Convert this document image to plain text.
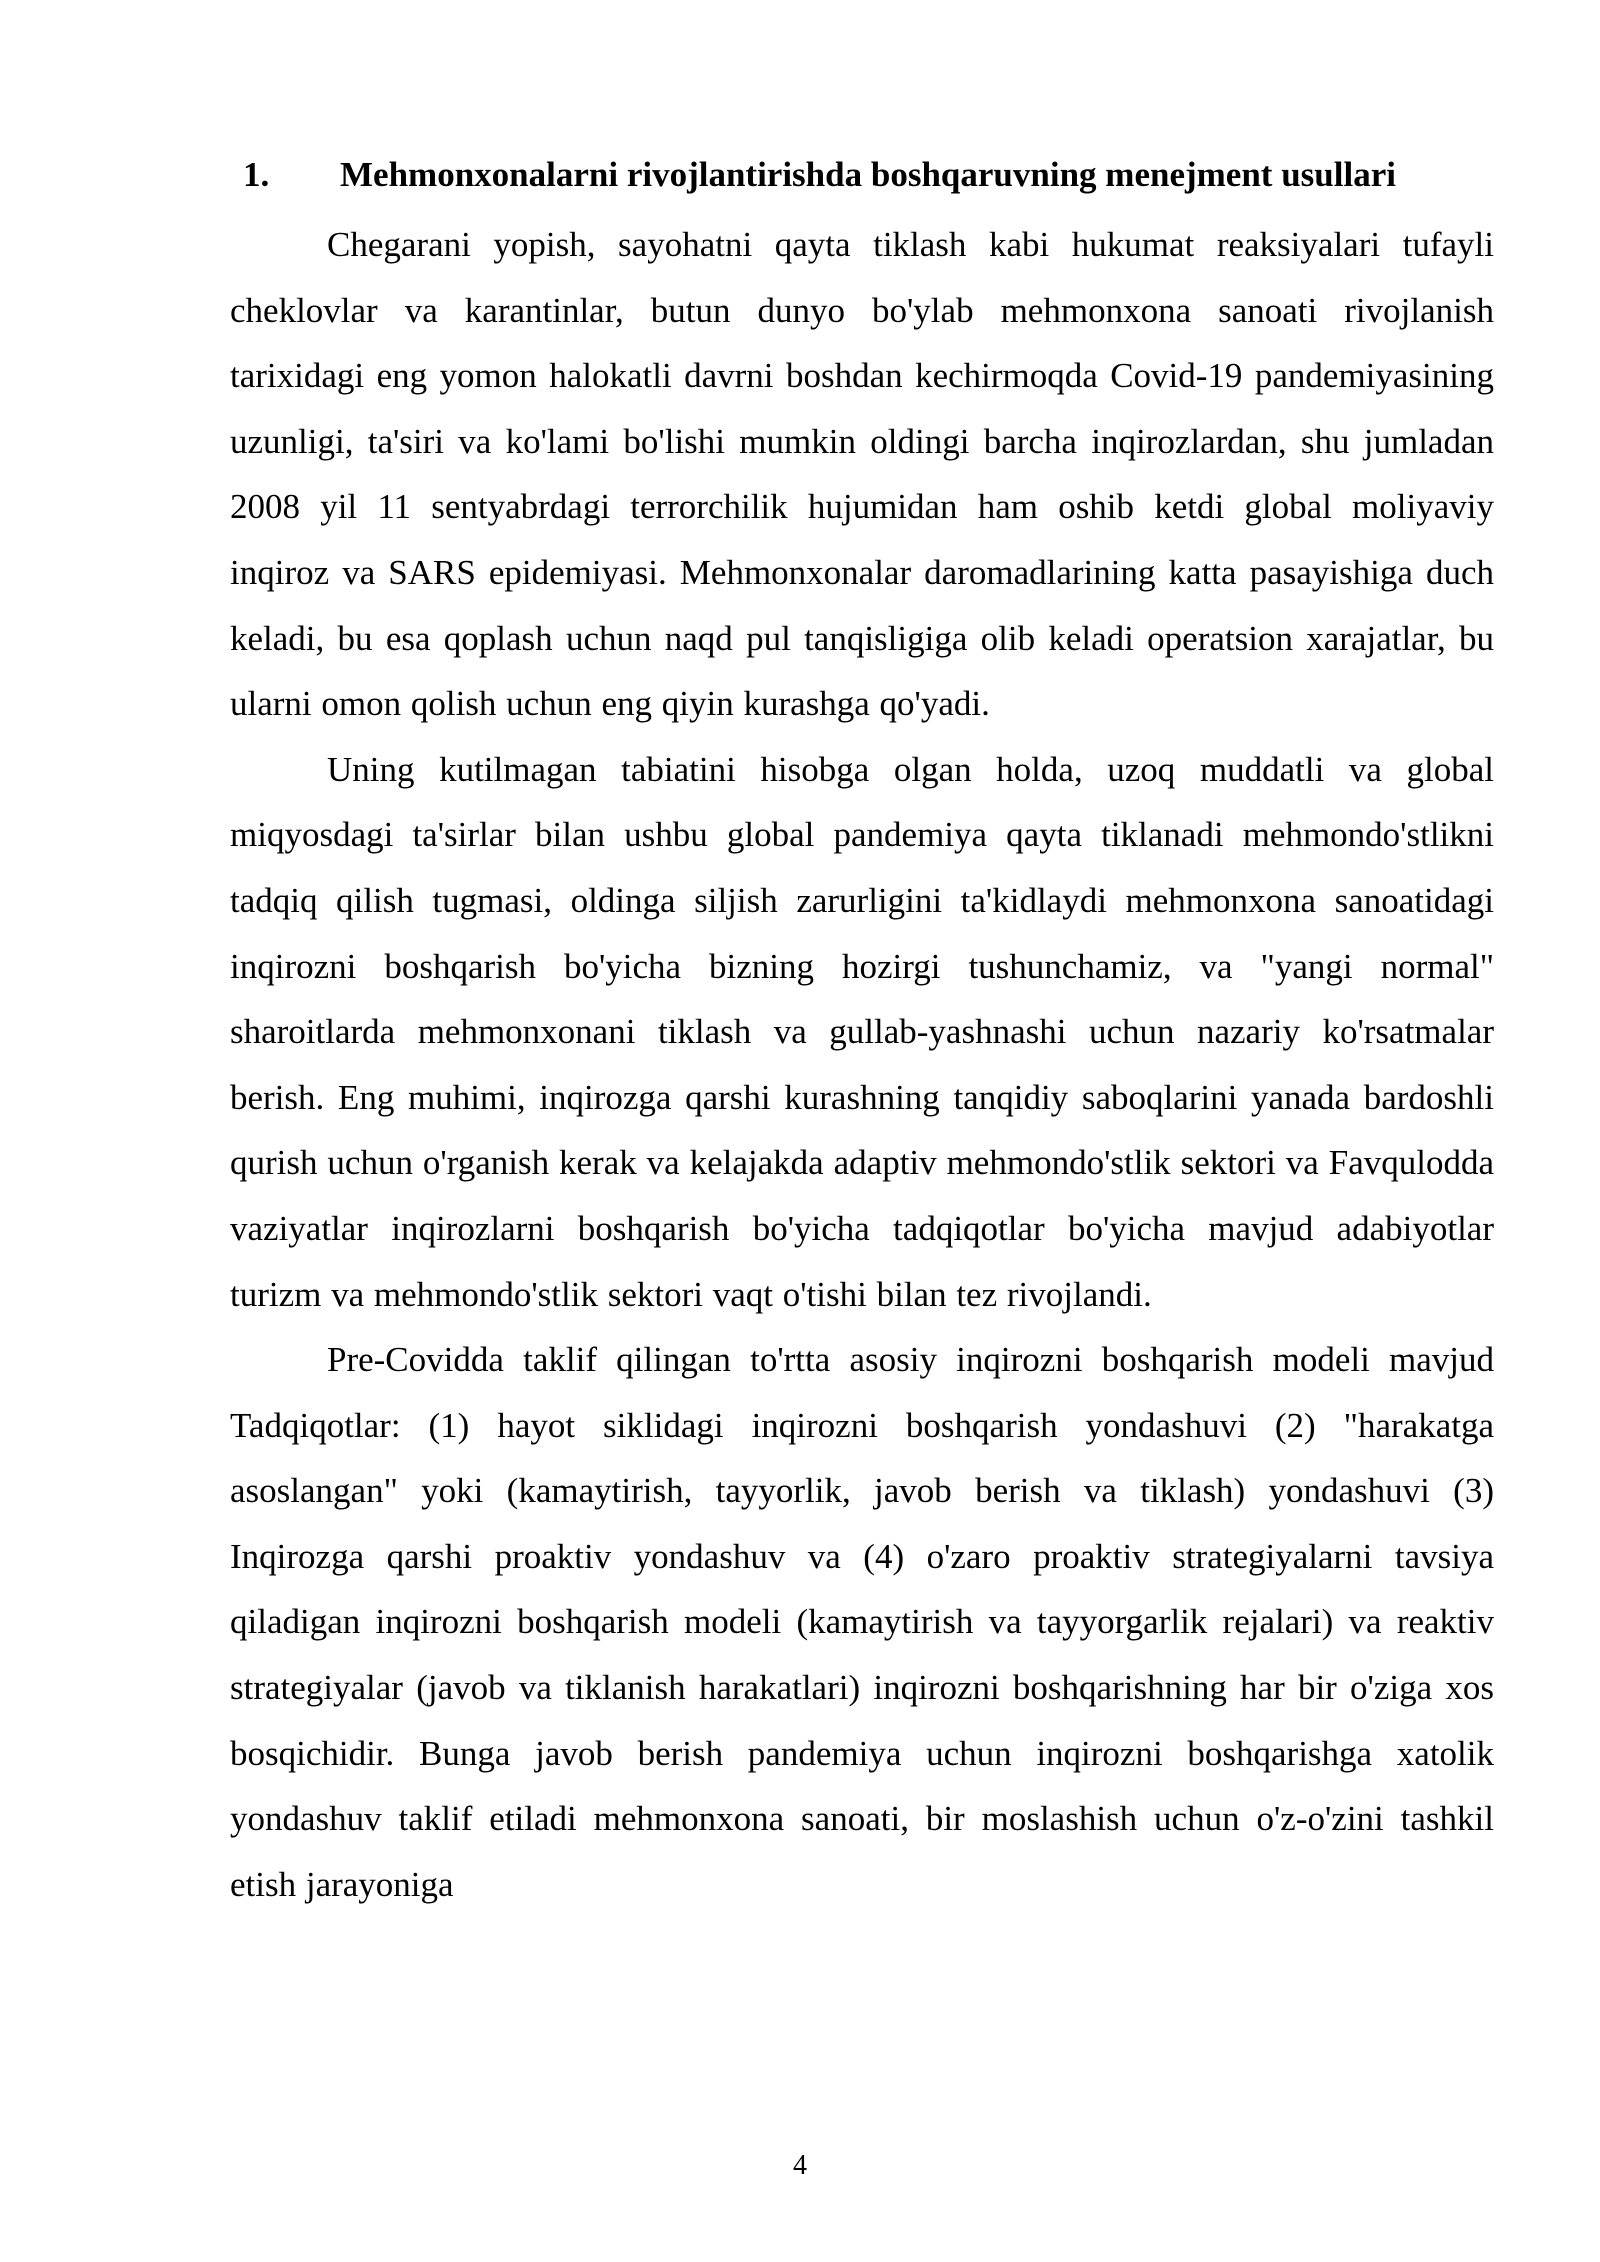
1. Mehmonxonalarni rivojlantirishda boshqaruvning menejment usullari

Chegarani yopish, sayohatni qayta tiklash kabi hukumat reaksiyalari tufayli cheklovlar va karantinlar, butun dunyo bo'ylab mehmonxona sanoati rivojlanish tarixidagi eng yomon halokatli davrni boshdan kechirmoqda Covid-19 pandemiyasining uzunligi, ta'siri va ko'lami bo'lishi mumkin oldingi barcha inqirozlardan, shu jumladan 2008 yil 11 sentyabrdagi terrorchilik hujumidan ham oshib ketdi global moliyaviy inqiroz va SARS epidemiyasi. Mehmonxonalar daromadlarining katta pasayishiga duch keladi, bu esa qoplash uchun naqd pul tanqisligiga olib keladi operatsion xarajatlar, bu ularni omon qolish uchun eng qiyin kurashga qo'yadi.

Uning kutilmagan tabiatini hisobga olgan holda, uzoq muddatli va global miqyosdagi ta'sirlar bilan ushbu global pandemiya qayta tiklanadi mehmondo'stlikni tadqiq qilish tugmasi, oldinga siljish zarurligini ta'kidlaydi mehmonxona sanoatidagi inqirozni boshqarish bo'yicha bizning hozirgi tushunchamiz, va "yangi normal" sharoitlarda mehmonxonani tiklash va gullab-yashnashi uchun nazariy ko'rsatmalar berish. Eng muhimi, inqirozga qarshi kurashning tanqidiy saboqlarini yanada bardoshli qurish uchun o'rganish kerak va kelajakda adaptiv mehmondo'stlik sektori va Favqulodda vaziyatlar inqirozlarni boshqarish bo'yicha tadqiqotlar bo'yicha mavjud adabiyotlar turizm va mehmondo'stlik sektori vaqt o'tishi bilan tez rivojlandi.

Pre-Covidda taklif qilingan to'rtta asosiy inqirozni boshqarish modeli mavjud Tadqiqotlar: (1) hayot siklidagi inqirozni boshqarish yondashuvi (2) "harakatga asoslangan" yoki (kamaytirish, tayyorlik, javob berish va tiklash) yondashuvi (3) Inqirozga qarshi proaktiv yondashuv va (4) o'zaro proaktiv strategiyalarni tavsiya qiladigan inqirozni boshqarish modeli (kamaytirish va tayyorgarlik rejalari) va reaktiv strategiyalar (javob va tiklanish harakatlari) inqirozni boshqarishning har bir o'ziga xos bosqichidir. Bunga javob berish pandemiya uchun inqirozni boshqarishga xatolik yondashuv taklif etiladi mehmonxona sanoati, bir moslashish uchun o'z-o'zini tashkil etish jarayoniga

4
